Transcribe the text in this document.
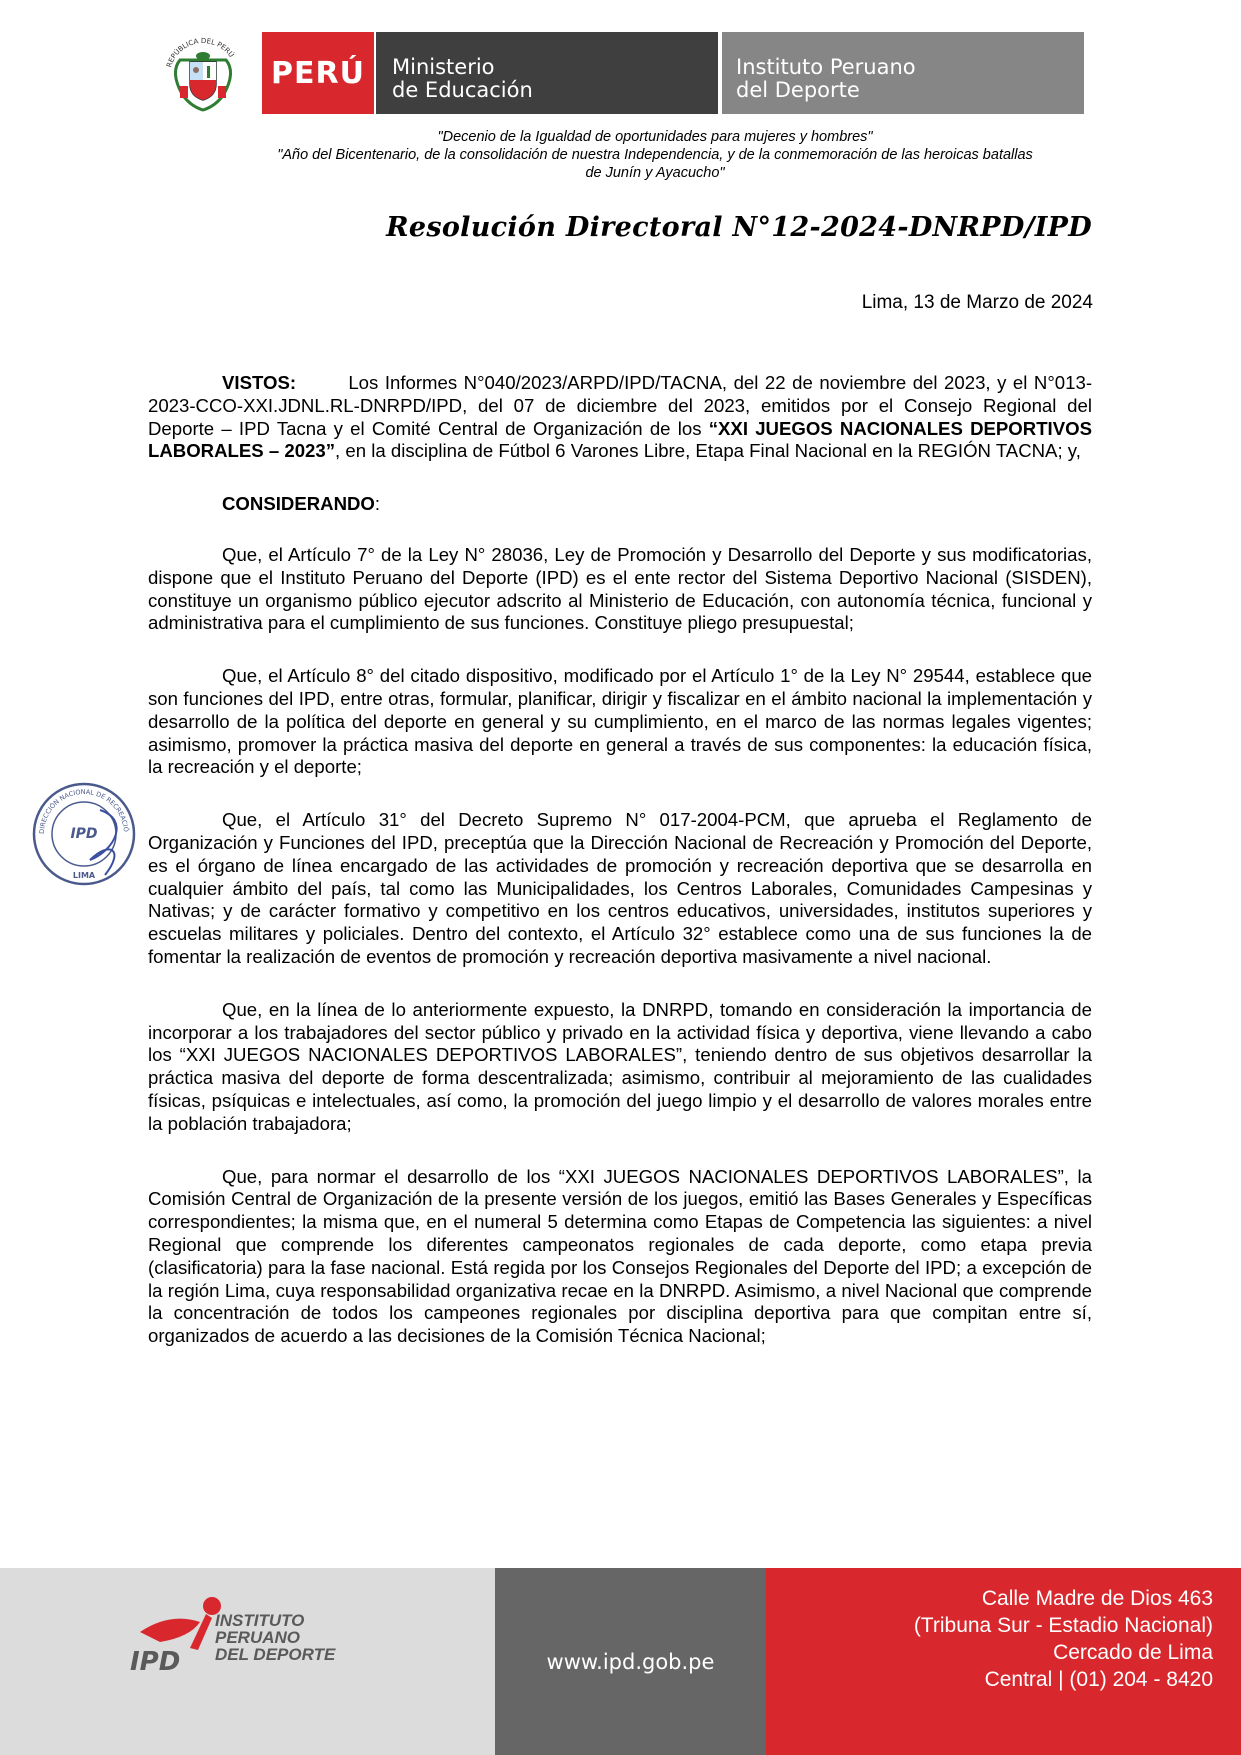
REPÚBLICA DEL PERÚ
PERÚ	Ministerio
de Educación
Instituto Peruano
del Deporte
"Decenio de la Igualdad de oportunidades para mujeres y hombres"
"Año del Bicentenario, de la consolidación de nuestra Independencia, y de la conmemoración de las heroicas batallas
de Junín y Ayacucho"
Resolución Directoral N°12-2024-DNRPD/IPD
Lima, 13 de Marzo de 2024

VISTOS:	Los Informes N°040/2023/ARPD/IPD/TACNA, del 22 de noviembre del 2023, y el N°013-2023-CCO-XXI.JDNL.RL-DNRPD/IPD, del 07 de diciembre del 2023, emitidos por el Consejo Regional del Deporte – IPD Tacna y el Comité Central de Organización de los “XXI JUEGOS NACIONALES DEPORTIVOS LABORALES – 2023”, en la disciplina de Fútbol 6 Varones Libre, Etapa Final Nacional en la REGIÓN TACNA; y,

CONSIDERANDO:

Que, el Artículo 7° de la Ley N° 28036, Ley de Promoción y Desarrollo del Deporte y sus modificatorias, dispone que el Instituto Peruano del Deporte (IPD) es el ente rector del Sistema Deportivo Nacional (SISDEN), constituye un organismo público ejecutor adscrito al Ministerio de Educación, con autonomía técnica, funcional y administrativa para el cumplimiento de sus funciones. Constituye pliego presupuestal;

Que, el Artículo 8° del citado dispositivo, modificado por el Artículo 1° de la Ley N° 29544, establece que son funciones del IPD, entre otras, formular, planificar, dirigir y fiscalizar en el ámbito nacional la implementación y desarrollo de la política del deporte en general y su cumplimiento, en el marco de las normas legales vigentes; asimismo, promover la práctica masiva del deporte en general a través de sus componentes: la educación física, la recreación y el deporte;

Que, el Artículo 31° del Decreto Supremo N° 017-2004-PCM, que aprueba el Reglamento de Organización y Funciones del IPD, preceptúa que la Dirección Nacional de Recreación y Promoción del Deporte, es el órgano de línea encargado de las actividades de promoción y recreación deportiva que se desarrolla en cualquier ámbito del país, tal como las Municipalidades, los Centros Laborales, Comunidades Campesinas y Nativas; y de carácter formativo y competitivo en los centros educativos, universidades, institutos superiores y escuelas militares y policiales. Dentro del contexto, el Artículo 32° establece como una de sus funciones la de fomentar la realización de eventos de promoción y recreación deportiva masivamente a nivel nacional.

Que, en la línea de lo anteriormente expuesto, la DNRPD, tomando en consideración la importancia de incorporar a los trabajadores del sector público y privado en la actividad física y deportiva, viene llevando a cabo los “XXI JUEGOS NACIONALES DEPORTIVOS LABORALES”, teniendo dentro de sus objetivos desarrollar la práctica masiva del deporte de forma descentralizada; asimismo, contribuir al mejoramiento de las cualidades físicas, psíquicas e intelectuales, así como, la promoción del juego limpio y el desarrollo de valores morales entre la población trabajadora;

Que, para normar el desarrollo de los “XXI JUEGOS NACIONALES DEPORTIVOS LABORALES”, la Comisión Central de Organización de la presente versión de los juegos, emitió las Bases Generales y Específicas correspondientes; la misma que, en el numeral 5 determina como Etapas de Competencia las siguientes: a nivel Regional que comprende los diferentes campeonatos regionales de cada deporte, como etapa previa (clasificatoria) para la fase nacional. Está regida por los Consejos Regionales del Deporte del IPD; a excepción de la región Lima, cuya responsabilidad organizativa recae en la DNRPD. Asimismo, a nivel Nacional que comprende la concentración de todos los campeones regionales por disciplina deportiva para que compitan entre sí, organizados de acuerdo a las decisiones de la Comisión Técnica Nacional;

DIRECCIÓN NACIONAL DE RECREACIÓ
IPD
LIMA
IPD
INSTITUTO
PERUANO
DEL DEPORTE	www.ipd.gob.pe
Calle Madre de Dios 463
(Tribuna Sur - Estadio Nacional)
Cercado de Lima
Central | (01) 204 - 8420
